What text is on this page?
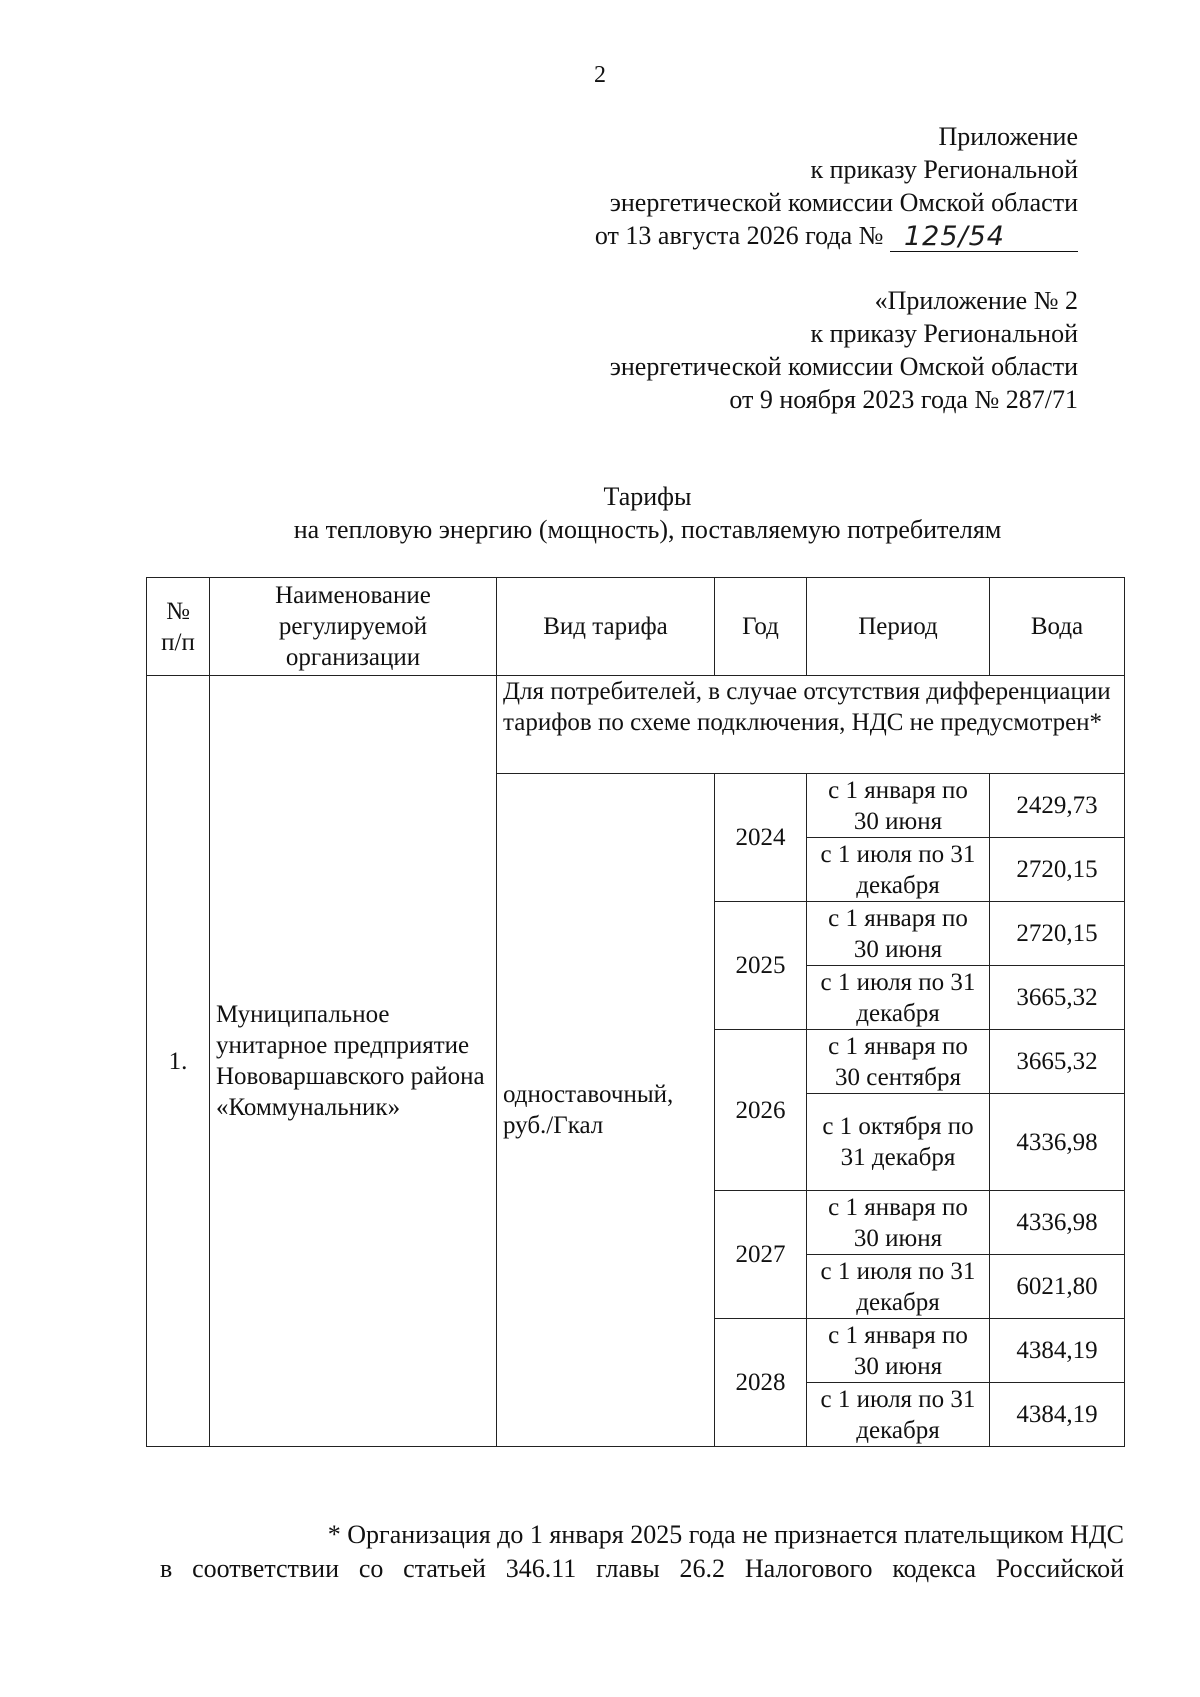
2
Приложение
к приказу Региональной
энергетической комиссии Омской области
от 13 августа 2026 года № 125/54
«Приложение № 2
к приказу Региональной
энергетической комиссии Омской области
от 9 ноября 2023 года № 287/71
Тарифы
на тепловую энергию (мощность), поставляемую потребителям
№ п/п	Наименование регулируемой организации	Вид тарифа	Год	Период	Вода
1.	Муниципальное унитарное предприятие Нововаршавского района «Коммунальник»	Для потребителей, в случае отсутствия дифференциации тарифов по схеме подключения, НДС не предусмотрен*			
		одноставочный, руб./Гкал	2024	с 1 января по 30 июня	2429,73
				с 1 июля по 31 декабря	2720,15
			2025	с 1 января по 30 июня	2720,15
				с 1 июля по 31 декабря	3665,32
			2026	с 1 января по 30 сентября	3665,32
				с 1 октября по 31 декабря	4336,98
			2027	с 1 января по 30 июня	4336,98
				с 1 июля по 31 декабря	6021,80
			2028	с 1 января по 30 июня	4384,19
				с 1 июля по 31 декабря	4384,19
* Организация до 1 января 2025 года не признается плательщиком НДС
в соответствии со статьей 346.11 главы 26.2 Налогового кодекса Российской
